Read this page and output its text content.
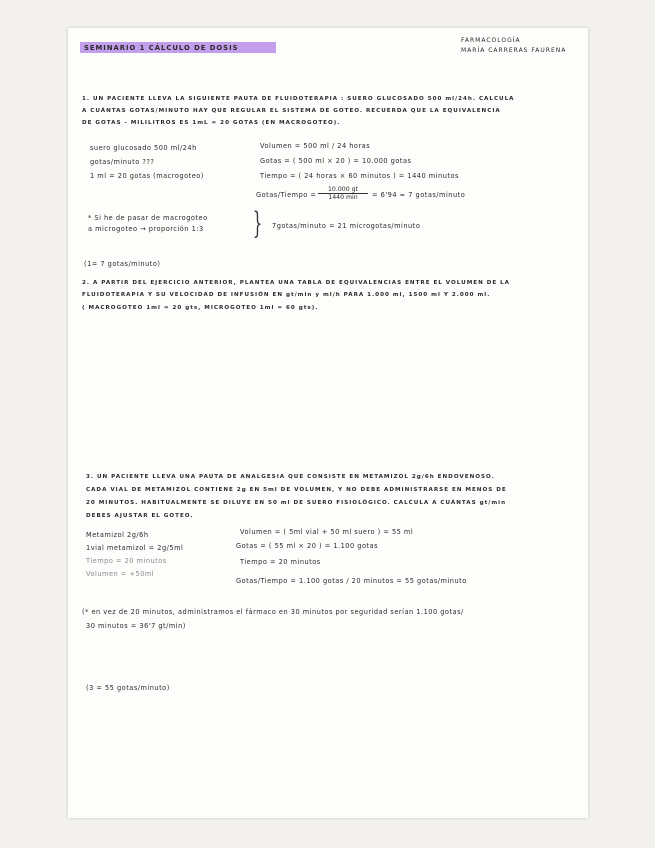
SEMINARIO 1 CÁLCULO DE DOSIS
FARMACOLOGÍA
MARÍA CARRERAS FAURENA
1. UN PACIENTE LLEVA LA SIGUIENTE PAUTA DE FLUIDOTERAPIA : SUERO GLUCOSADO 500 ml/24h. CALCULA
A CUÁNTAS GOTAS/MINUTO HAY QUE REGULAR EL SISTEMA DE GOTEO. RECUERDA QUE LA EQUIVALENCIA
DE GOTAS - MILILITROS ES 1mL = 20 GOTAS (EN MACROGOTEO).
suero glucosado 500 ml/24h
gotas/minuto ???
1 ml = 20 gotas (macrogoteo)
Volumen = 500 ml / 24 horas
Gotas = ( 500 ml × 20 ) = 10.000 gotas
Tiempo = ( 24 horas × 60 minutos ) = 1440 minutos
Gotas/Tiempo =
10.000 gt
1440 min	= 6'94 ≈ 7 gotas/minuto
* Si he de pasar de macrogoteo
a microgoteo → proporción 1:3 } 7gotas/minuto = 21 microgotas/minuto
(1= 7 gotas/minuto)
2. A PARTIR DEL EJERCICIO ANTERIOR, PLANTEA UNA TABLA DE EQUIVALENCIAS ENTRE EL VOLUMEN DE LA
FLUIDOTERAPIA Y SU VELOCIDAD DE INFUSIÓN EN gt/min y ml/h PARA 1.000 ml, 1500 ml Y 2.000 ml.
( MACROGOTEO 1ml = 20 gts, MICROGOTEO 1ml = 60 gts).
3. UN PACIENTE LLEVA UNA PAUTA DE ANALGESIA QUE CONSISTE EN METAMIZOL 2g/6h ENDOVENOSO.
CADA VIAL DE METAMIZOL CONTIENE 2g EN 5ml DE VOLUMEN, Y NO DEBE ADMINISTRARSE EN MENOS DE
20 MINUTOS. HABITUALMENTE SE DILUYE EN 50 ml DE SUERO FISIOLÓGICO. CALCULA A CUÁNTAS gt/min
DEBES AJUSTAR EL GOTEO.
Metamizol 2g/6h
1vial metamizol = 2g/5ml
Tiempo = 20 minutos
Volumen = +50ml
Volumen = ( 5ml vial + 50 ml suero ) = 55 ml
Gotas = ( 55 ml × 20 ) = 1.100 gotas
Tiempo = 20 minutos
Gotas/Tiempo = 1.100 gotas / 20 minutos = 55 gotas/minuto
(* en vez de 20 minutos, administramos el fármaco en 30 minutos por seguridad serían 1.100 gotas/
30 minutos = 36'7 gt/min)
(3 = 55 gotas/minuto)
